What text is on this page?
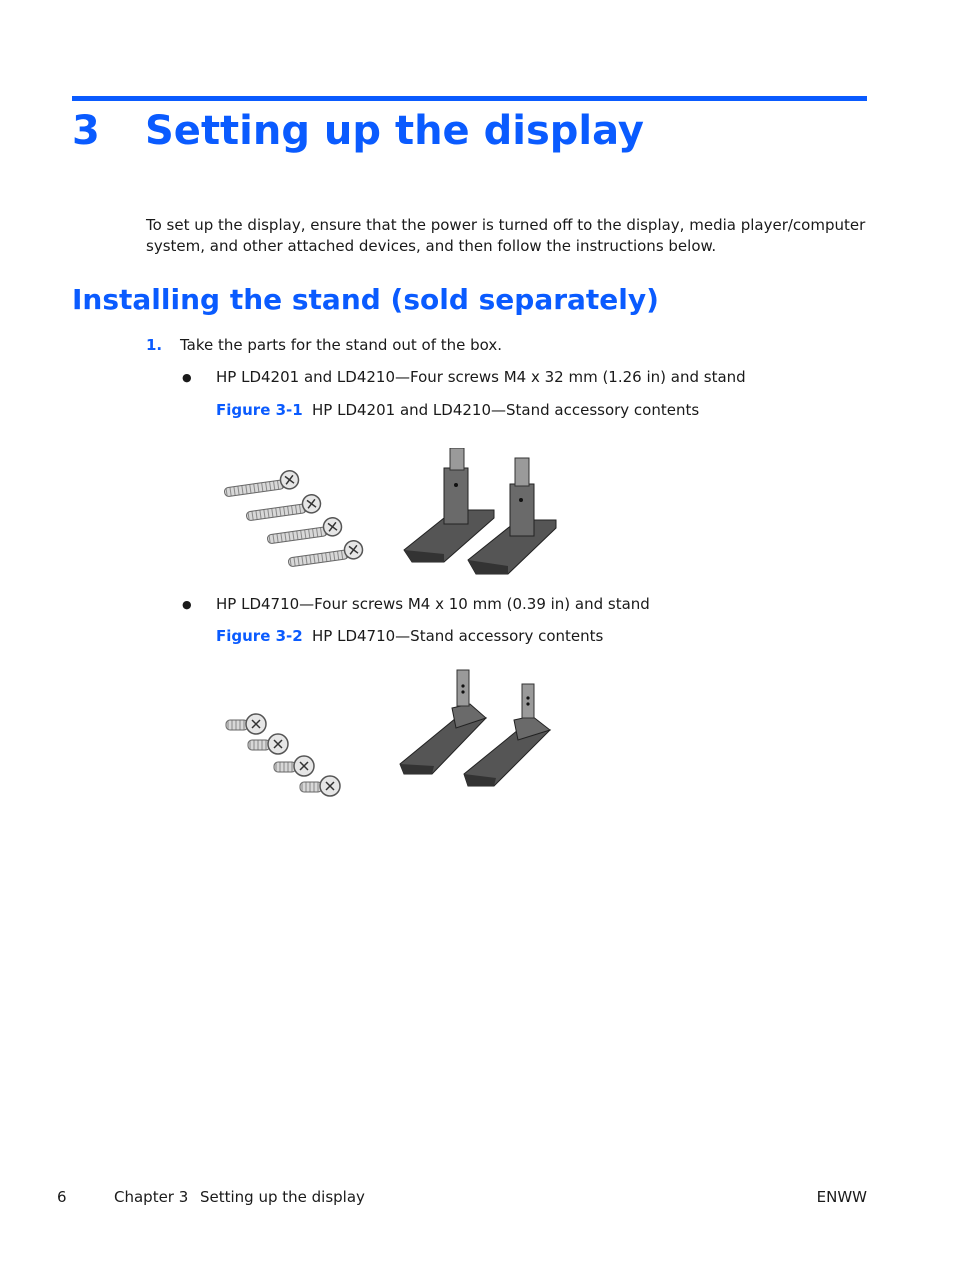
3 Setting up the display

To set up the display, ensure that the power is turned off to the display, media player/computer system, and other attached devices, and then follow the instructions below.

Installing the stand (sold separately)
1. Take the parts for the stand out of the box.
● HP LD4201 and LD4210—Four screws M4 x 32 mm (1.26 in) and stand
Figure 3-1 HP LD4201 and LD4210—Stand accessory contents
● HP LD4710—Four screws M4 x 10 mm (0.39 in) and stand
Figure 3-2 HP LD4710—Stand accessory contents
6	Chapter 3 Setting up the display	ENWW
